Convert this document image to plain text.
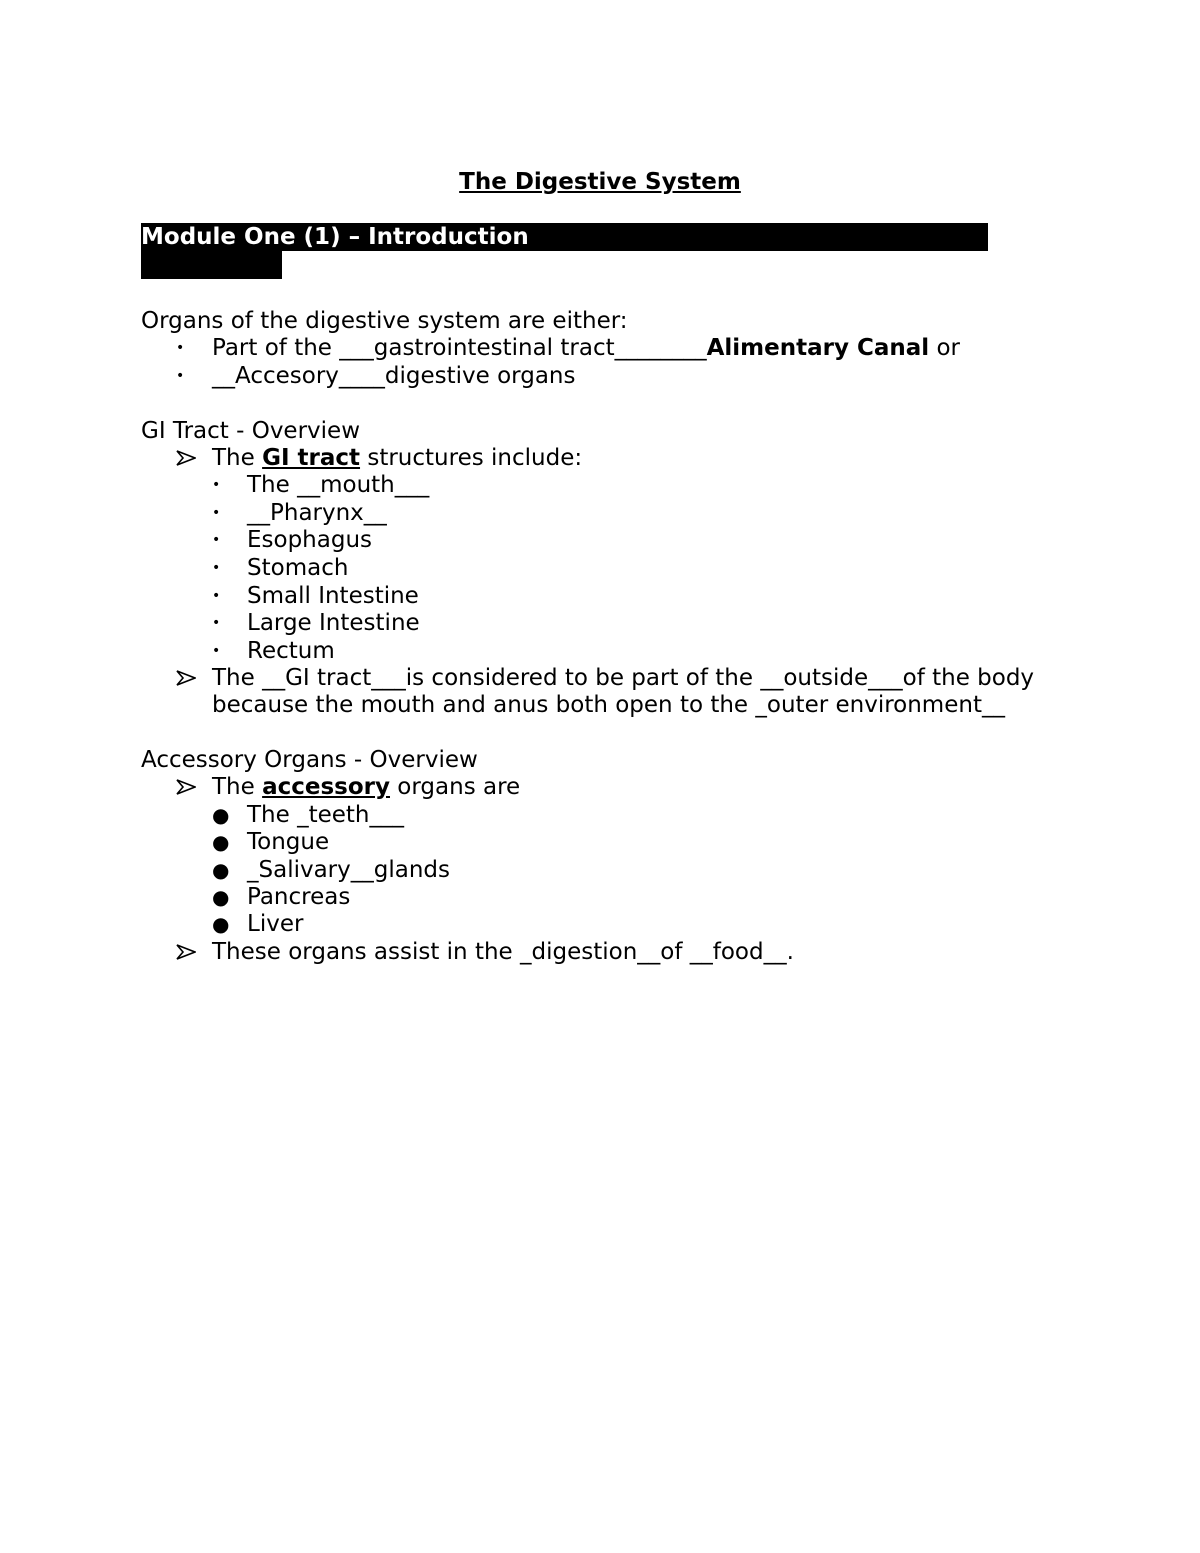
The Digestive System
Module One (1) – Introduction
Organs of the digestive system are either:
• Part of the ___gastrointestinal tract________Alimentary Canal or
• __Accesory____digestive organs
GI Tract - Overview
The GI tract structures include:
• The __mouth___
• __Pharynx__
• Esophagus
• Stomach
• Small Intestine
• Large Intestine
• Rectum
The __GI tract___is considered to be part of the __outside___of the body
because the mouth and anus both open to the _outer environment__
Accessory Organs - Overview
The accessory organs are
● The _teeth___
● Tongue
● _Salivary__glands
● Pancreas
● Liver
These organs assist in the _digestion__of __food__.
